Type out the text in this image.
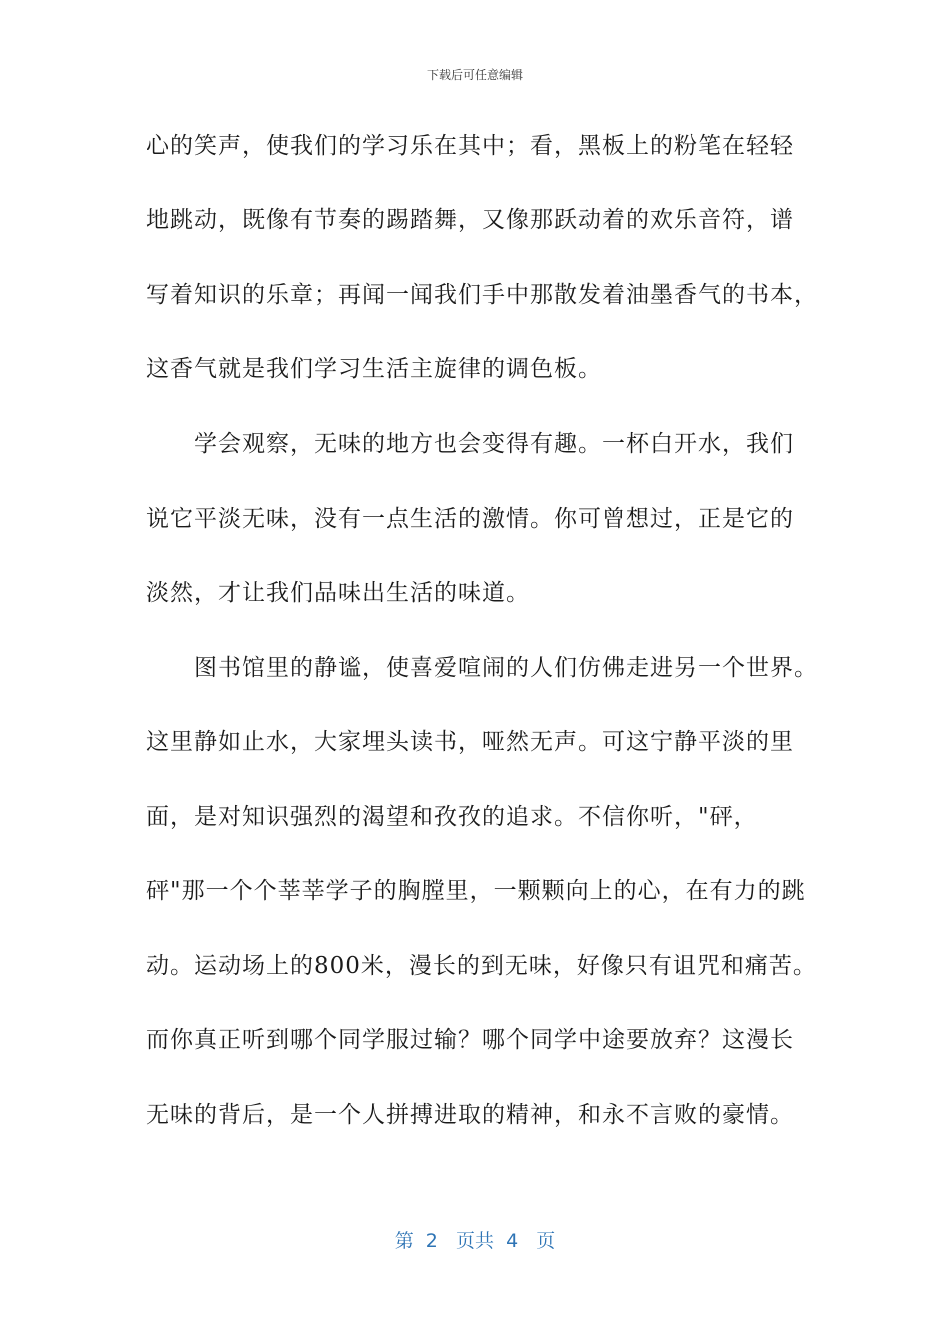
下载后可任意编辑
心的笑声，使我们的学习乐在其中；看，黑板上的粉笔在轻轻
地跳动，既像有节奏的踢踏舞，又像那跃动着的欢乐音符，谱
写着知识的乐章；再闻一闻我们手中那散发着油墨香气的书本，
这香气就是我们学习生活主旋律的调色板。
学会观察，无味的地方也会变得有趣。一杯白开水，我们
说它平淡无味，没有一点生活的激情。你可曾想过，正是它的
淡然，才让我们品味出生活的味道。
图书馆里的静谧，使喜爱喧闹的人们仿佛走进另一个世界。
这里静如止水，大家埋头读书，哑然无声。可这宁静平淡的里
面，是对知识强烈的渴望和孜孜的追求。不信你听，"砰，
砰"那一个个莘莘学子的胸膛里，一颗颗向上的心，在有力的跳
动。运动场上的800米，漫长的到无味，好像只有诅咒和痛苦。
而你真正听到哪个同学服过输？哪个同学中途要放弃？这漫长
无味的背后，是一个人拼搏进取的精神，和永不言败的豪情。
第  2   页共  4   页
